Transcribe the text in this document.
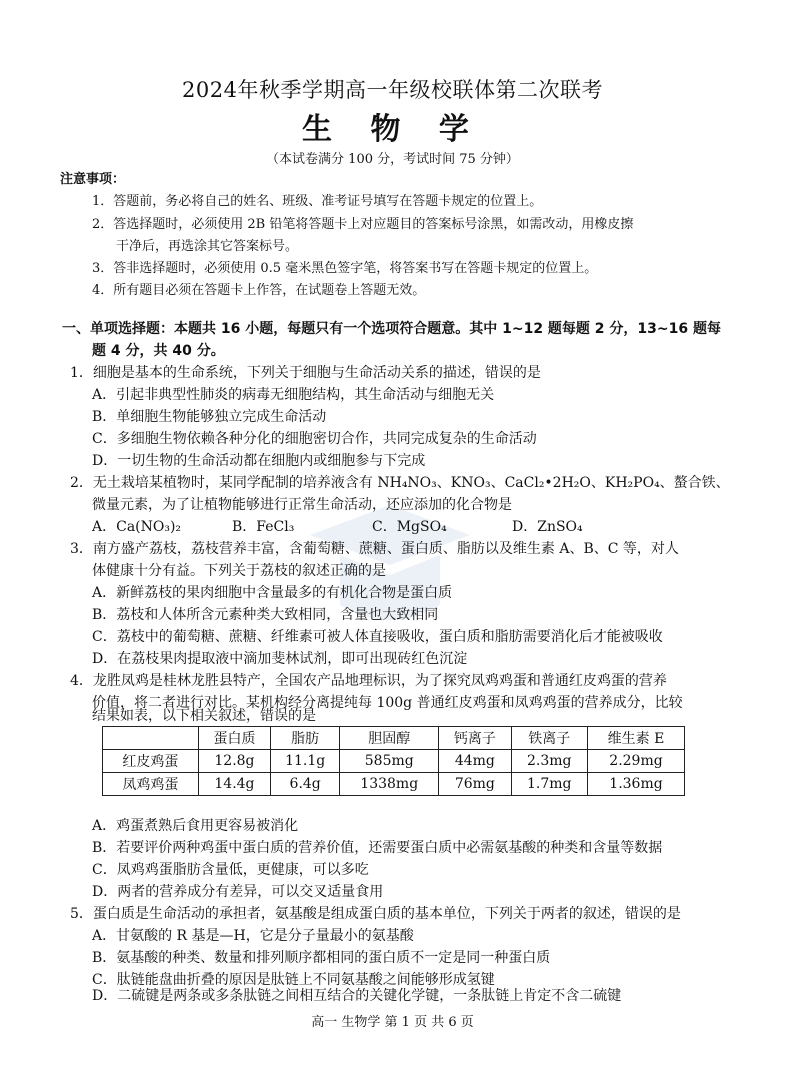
2024年秋季学期高一年级校联体第二次联考
生 物 学
（本试卷满分 100 分，考试时间 75 分钟）
注意事项：
1．答题前，务必将自己的姓名、班级、准考证号填写在答题卡规定的位置上。
2．答选择题时，必须使用 2B 铅笔将答题卡上对应题目的答案标号涂黑，如需改动，用橡皮擦
干净后，再选涂其它答案标号。
3．答非选择题时，必须使用 0.5 毫米黑色签字笔，将答案书写在答题卡规定的位置上。
4．所有题目必须在答题卡上作答，在试题卷上答题无效。
一、单项选择题：本题共 16 小题，每题只有一个选项符合题意。其中 1~12 题每题 2 分，13~16 题每
题 4 分，共 40 分。
1．细胞是基本的生命系统，下列关于细胞与生命活动关系的描述，错误的是
A．引起非典型性肺炎的病毒无细胞结构，其生命活动与细胞无关
B．单细胞生物能够独立完成生命活动
C．多细胞生物依赖各种分化的细胞密切合作，共同完成复杂的生命活动
D．一切生物的生命活动都在细胞内或细胞参与下完成
2．无土栽培某植物时，某同学配制的培养液含有 NH₄NO₃、KNO₃、CaCl₂•2H₂O、KH₂PO₄、螯合铁、
微量元素，为了让植物能够进行正常生命活动，还应添加的化合物是
A．Ca(NO₃)₂	B．FeCl₃	C．MgSO₄	D．ZnSO₄
3．南方盛产荔枝，荔枝营养丰富，含葡萄糖、蔗糖、蛋白质、脂肪以及维生素 A、B、C 等，对人
体健康十分有益。下列关于荔枝的叙述正确的是
A．新鲜荔枝的果肉细胞中含量最多的有机化合物是蛋白质
B．荔枝和人体所含元素种类大致相同，含量也大致相同
C．荔枝中的葡萄糖、蔗糖、纤维素可被人体直接吸收，蛋白质和脂肪需要消化后才能被吸收
D．在荔枝果肉提取液中滴加斐林试剂，即可出现砖红色沉淀
4．龙胜凤鸡是桂林龙胜县特产，全国农产品地理标识，为了探究凤鸡鸡蛋和普通红皮鸡蛋的营养
价值，将二者进行对比。某机构经分离提纯每 100g 普通红皮鸡蛋和凤鸡鸡蛋的营养成分，比较
结果如表，以下相关叙述，错误的是
	蛋白质	脂肪	胆固醇	钙离子	铁离子	维生素 E
红皮鸡蛋	12.8g	11.1g	585mg	44mg	2.3mg	2.29mg
凤鸡鸡蛋	14.4g	6.4g	1338mg	76mg	1.7mg	1.36mg
A．鸡蛋煮熟后食用更容易被消化
B．若要评价两种鸡蛋中蛋白质的营养价值，还需要蛋白质中必需氨基酸的种类和含量等数据
C．凤鸡鸡蛋脂肪含量低，更健康，可以多吃
D．两者的营养成分有差异，可以交叉适量食用
5．蛋白质是生命活动的承担者，氨基酸是组成蛋白质的基本单位，下列关于两者的叙述，错误的是
A．甘氨酸的 R 基是—H，它是分子量最小的氨基酸
B．氨基酸的种类、数量和排列顺序都相同的蛋白质不一定是同一种蛋白质
C．肽链能盘曲折叠的原因是肽链上不同氨基酸之间能够形成氢键
D．二硫键是两条或多条肽链之间相互结合的关键化学键，一条肽链上肯定不含二硫键
高一 生物学 第 1 页 共 6 页
